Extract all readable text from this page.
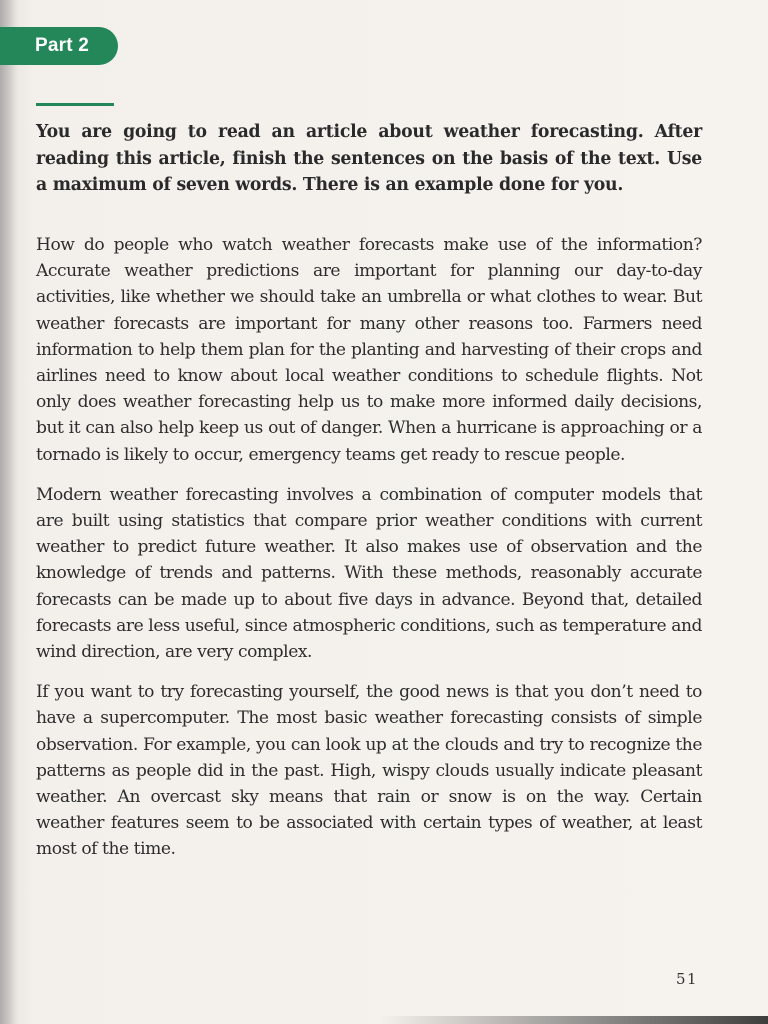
Part 2
You are going to read an article about weather forecasting. After reading this article, finish the sentences on the basis of the text. Use a maximum of seven words. There is an example done for you.

How do people who watch weather forecasts make use of the information? Accurate weather predictions are important for planning our day-to-day activities, like whether we should take an umbrella or what clothes to wear. But weather forecasts are important for many other reasons too. Farmers need information to help them plan for the planting and harvesting of their crops and airlines need to know about local weather conditions to schedule flights. Not only does weather forecasting help us to make more informed daily decisions, but it can also help keep us out of danger. When a hurricane is approaching or a tornado is likely to occur, emergency teams get ready to rescue people.

Modern weather forecasting involves a combination of computer models that are built using statistics that compare prior weather conditions with current weather to predict future weather. It also makes use of observation and the knowledge of trends and patterns. With these methods, reasonably accurate forecasts can be made up to about five days in advance. Beyond that, detailed forecasts are less useful, since atmospheric conditions, such as temperature and wind direction, are very complex.

If you want to try forecasting yourself, the good news is that you don’t need to have a supercomputer. The most basic weather forecasting consists of simple observation. For example, you can look up at the clouds and try to recognize the patterns as people did in the past. High, wispy clouds usually indicate pleasant weather. An overcast sky means that rain or snow is on the way. Certain weather features seem to be associated with certain types of weather, at least most of the time.

51
